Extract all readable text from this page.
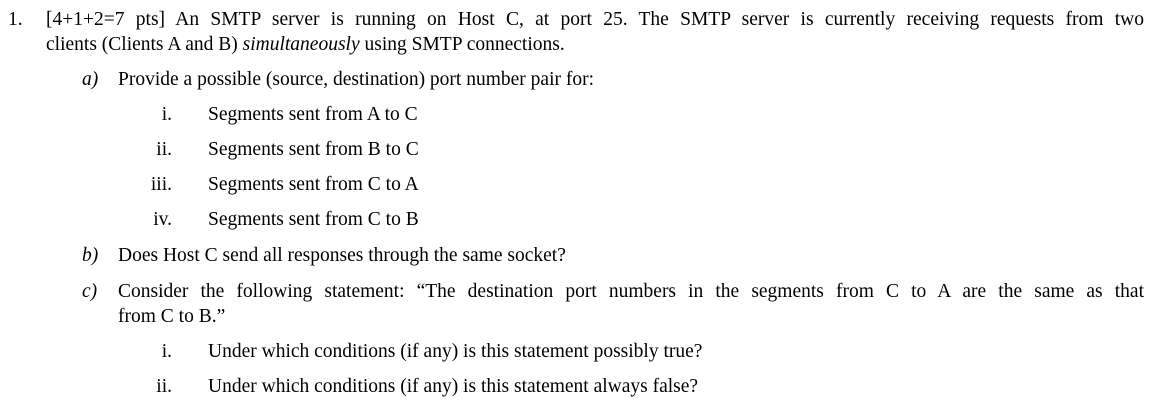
1. [4+1+2=7 pts] An SMTP server is running on Host C, at port 25. The SMTP server is currently receiving requests from two
clients (Clients A and B) simultaneously using SMTP connections.
a) Provide a possible (source, destination) port number pair for:
i. Segments sent from A to C
ii. Segments sent from B to C
iii. Segments sent from C to A
iv. Segments sent from C to B
b) Does Host C send all responses through the same socket?
c) Consider the following statement: “The destination port numbers in the segments from C to A are the same as that
from C to B.”
i. Under which conditions (if any) is this statement possibly true?
ii. Under which conditions (if any) is this statement always false?
